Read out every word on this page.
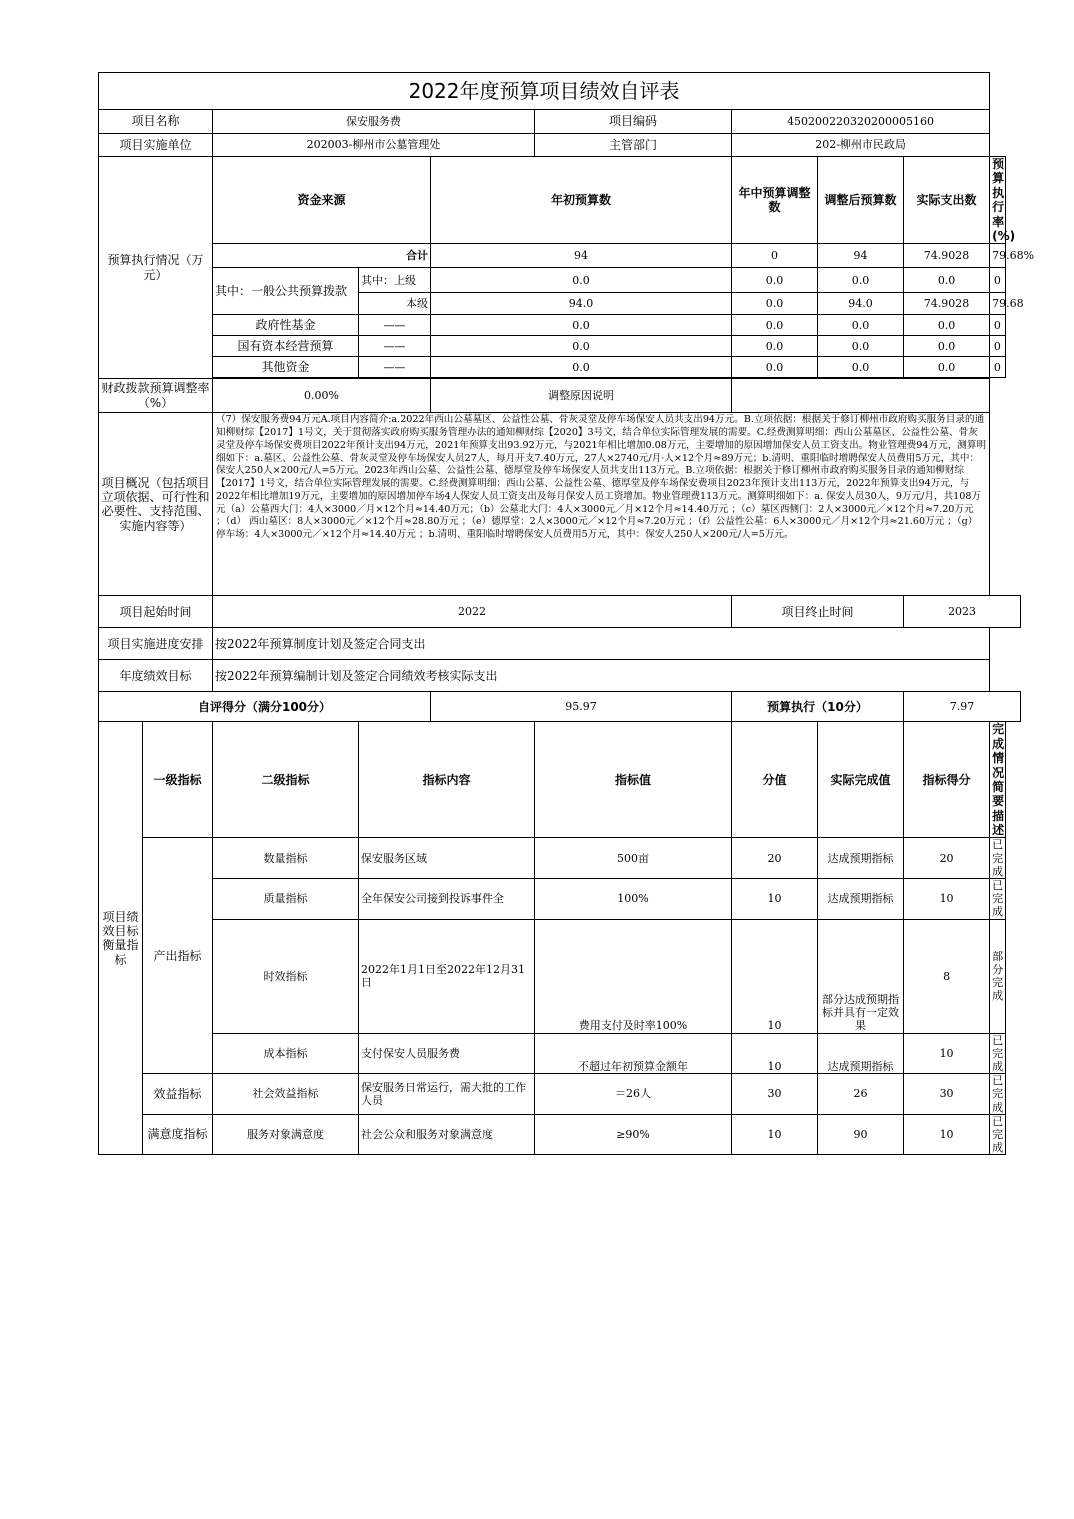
2022年度预算项目绩效自评表									
项目名称		保安服务费			项目编码	450200220320200005160			
项目实施单位		202003-柳州市公墓管理处			主管部门	202-柳州市民政局			
预算执行情况（万元）		资金来源		年初预算数		年中预算调整数	调整后预算数	实际支出数	预算执行率(%)
		合计		94		0	94	74.9028	79.68%
		其中：一般公共预算拨款	其中：上级	0.0		0.0	0.0	0.0	0
			本级	94.0		0.0	94.0	74.9028	79.68
		政府性基金	——	0.0		0.0	0.0	0.0	0
		国有资本经营预算	——	0.0		0.0	0.0	0.0	0
		其他资金	——	0.0		0.0	0.0	0.0	0

财政拨款预算调整率（%）		0.00%		调整原因说明					
项目概况（包括项目立项依据、可行性和必要性、支持范围、实施内容等）		（7）保安服务费94万元A.项目内容简介:a.2022年西山公墓墓区、公益性公墓、骨灰灵堂及停车场保安人员共支出94万元。B.立项依据：根据关于修订柳州市政府购买服务目录的通知柳财综【2017】1号文，关于贯彻落实政府购买服务管理办法的通知柳财综【2020】3号文，结合单位实际管理发展的需要。C.经费测算明细：西山公墓墓区、公益性公墓、骨灰灵堂及停车场保安费项目2022年预计支出94万元，2021年预算支出93.92万元，与2021年相比增加0.08万元，主要增加的原因增加保安人员工资支出。物业管理费94万元，测算明细如下：a.墓区、公益性公墓、骨灰灵堂及停车场保安人员27人，每月开支7.40万元，27人×2740元/月·人×12个月≈89万元；b.清明、重阳临时增聘保安人员费用5万元，其中：保安人250人×200元/人=5万元。2023年西山公墓、公益性公墓、德厚堂及停车场保安人员共支出113万元。B.立项依据：根据关于修订柳州市政府购买服务目录的通知柳财综【2017】1号文，结合单位实际管理发展的需要。C.经费测算明细：西山公墓、公益性公墓、德厚堂及停车场保安费项目2023年预计支出113万元，2022年预算支出94万元，与2022年相比增加19万元，主要增加的原因增加停车场4人保安人员工资支出及每月保安人员工资增加。物业管理费113万元。测算明细如下：a. 保安人员30人，9万元/月，共108万元（a）公墓西大门：4人×3000／月×12个月≈14.40万元；（b）公墓北大门：4人×3000元／月×12个月≈14.40万元 ；（c）墓区西侧门：2人×3000元／×12个月≈7.20万元 ；（d） 西山墓区：8人×3000元／×12个月≈28.80万元 ；（e）德厚堂：2人×3000元／×12个月≈7.20万元 ；（f）公益性公墓：6人×3000元／月×12个月≈21.60万元 ；（g）停车场：4人×3000元／×12个月≈14.40万元 ；b.清明、重阳临时增聘保安人员费用5万元，其中：保安人250人×200元/人=5万元。							
项目起始时间		2022				项目终止时间		2023	
项目实施进度安排		按2022年预算制度计划及签定合同支出							
年度绩效目标		按2022年预算编制计划及签定合同绩效考核实际支出							
自评得分（满分100分）				95.97		预算执行（10分）		7.97	
项目绩效目标衡量指标	一级指标	二级指标	指标内容		指标值	分值	实际完成值	指标得分	完成情况简要描述
	产出指标	数量指标	保安服务区域		500亩	20	达成预期指标	20	已完成
		质量指标	全年保安公司接到投诉事件全		100%	10	达成预期指标	10	已完成
		时效指标	2022年1月1日至2022年12月31日		费用支付及时率100%	10	部分达成预期指标并具有一定效果	8	部分完成
		成本指标	支付保安人员服务费		不超过年初预算金额年	10	达成预期指标	10	已完成
	效益指标	社会效益指标	保安服务日常运行，需大批的工作人员		＝26人	30	26	30	已完成
	满意度指标	服务对象满意度	社会公众和服务对象满意度		≥90%	10	90	10	已完成
